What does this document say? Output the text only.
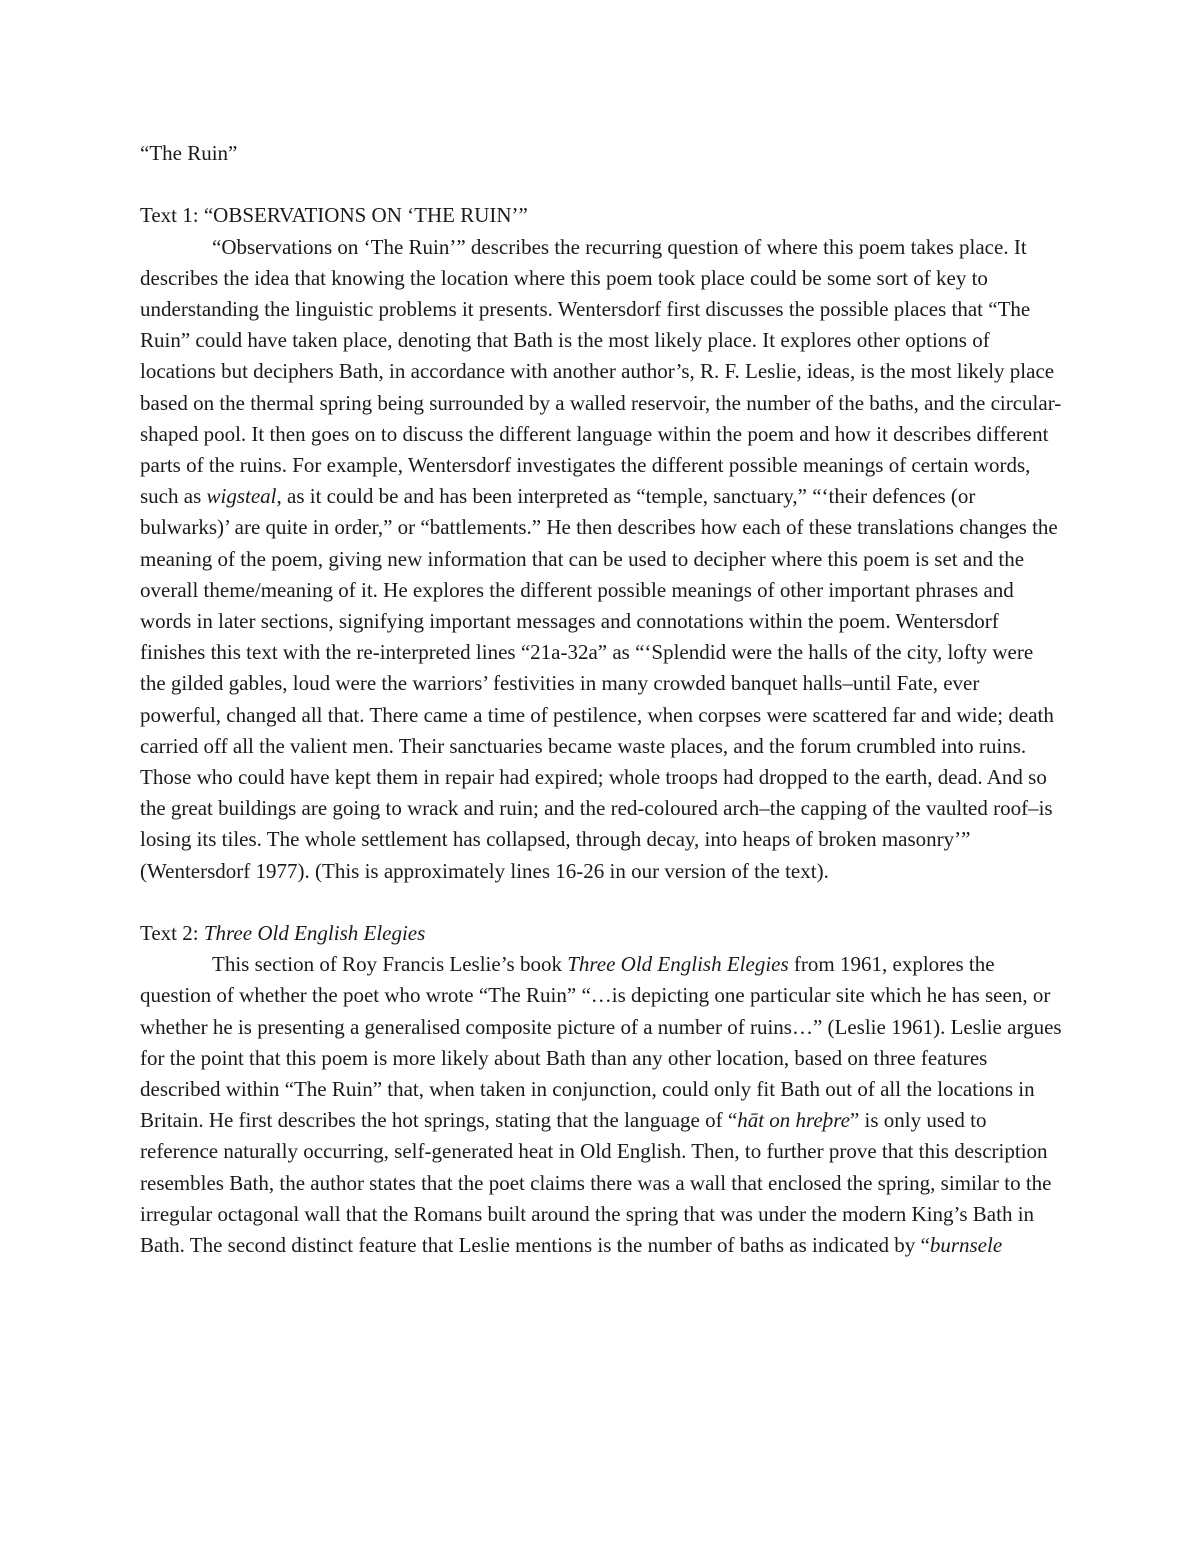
“The Ruin”

Text 1: “OBSERVATIONS ON ‘THE RUIN’”

“Observations on ‘The Ruin’” describes the recurring question of where this poem takes place. It describes the idea that knowing the location where this poem took place could be some sort of key to understanding the linguistic problems it presents. Wentersdorf first discusses the possible places that “The Ruin” could have taken place, denoting that Bath is the most likely place. It explores other options of locations but deciphers Bath, in accordance with another author’s, R. F. Leslie, ideas, is the most likely place based on the thermal spring being surrounded by a walled reservoir, the number of the baths, and the circular-shaped pool. It then goes on to discuss the different language within the poem and how it describes different parts of the ruins. For example, Wentersdorf investigates the different possible meanings of certain words, such as wigsteal, as it could be and has been interpreted as “temple, sanctuary,” “‘their defences (or bulwarks)’ are quite in order,” or “battlements.” He then describes how each of these translations changes the meaning of the poem, giving new information that can be used to decipher where this poem is set and the overall theme/meaning of it. He explores the different possible meanings of other important phrases and words in later sections, signifying important messages and connotations within the poem. Wentersdorf finishes this text with the re-interpreted lines “21a-32a” as “‘Splendid were the halls of the city, lofty were the gilded gables, loud were the warriors’ festivities in many crowded banquet halls–until Fate, ever powerful, changed all that. There came a time of pestilence, when corpses were scattered far and wide; death carried off all the valient men. Their sanctuaries became waste places, and the forum crumbled into ruins. Those who could have kept them in repair had expired; whole troops had dropped to the earth, dead. And so the great buildings are going to wrack and ruin; and the red-coloured arch–the capping of the vaulted roof–is losing its tiles. The whole settlement has collapsed, through decay, into heaps of broken masonry’” (Wentersdorf 1977). (This is approximately lines 16-26 in our version of the text).

Text 2: Three Old English Elegies

This section of Roy Francis Leslie’s book Three Old English Elegies from 1961, explores the question of whether the poet who wrote “The Ruin” “…is depicting one particular site which he has seen, or whether he is presenting a generalised composite picture of a number of ruins…” (Leslie 1961). Leslie argues for the point that this poem is more likely about Bath than any other location, based on three features described within “The Ruin” that, when taken in conjunction, could only fit Bath out of all the locations in Britain. He first describes the hot springs, stating that the language of “hāt on hreþre” is only used to reference naturally occurring, self-generated heat in Old English. Then, to further prove that this description resembles Bath, the author states that the poet claims there was a wall that enclosed the spring, similar to the irregular octagonal wall that the Romans built around the spring that was under the modern King’s Bath in Bath. The second distinct feature that Leslie mentions is the number of baths as indicated by “burnsele
